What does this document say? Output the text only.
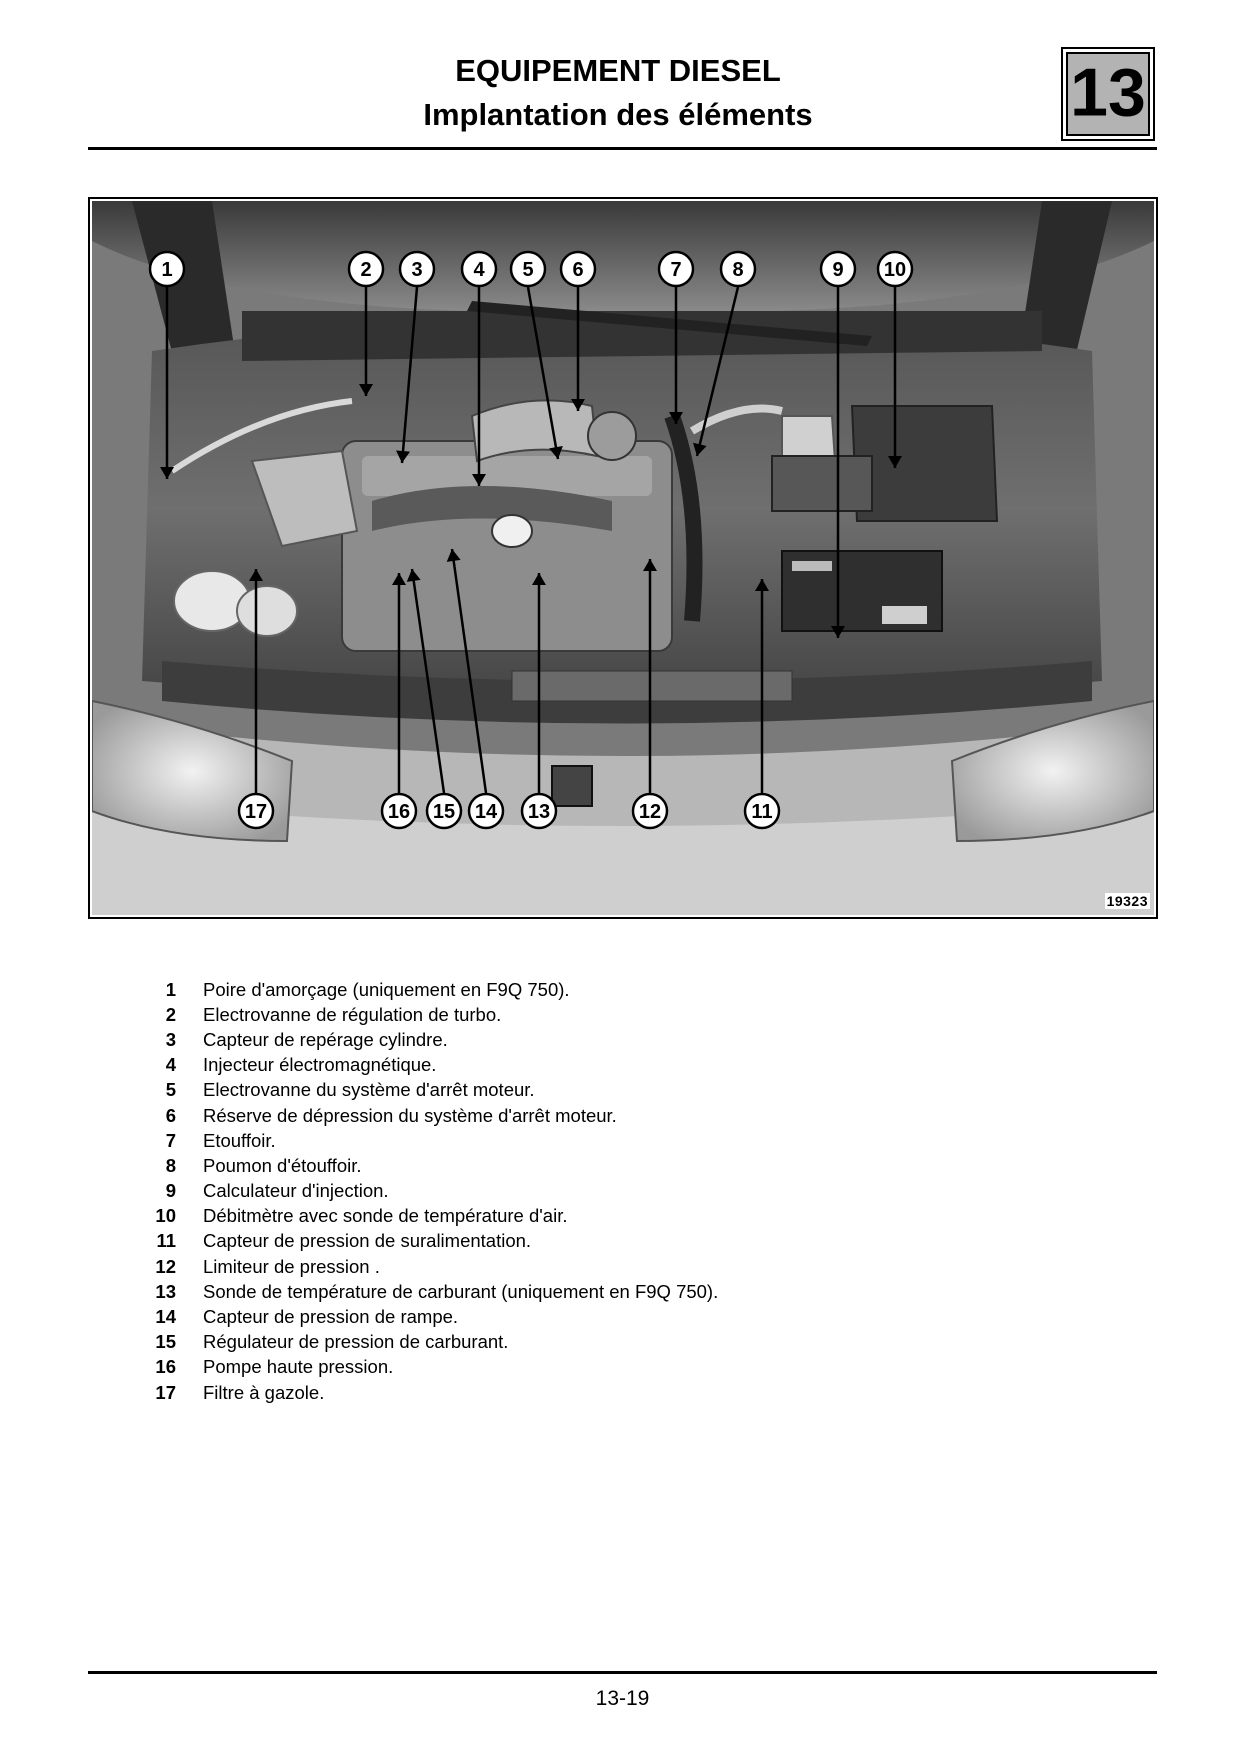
EQUIPEMENT DIESEL
Implantation des éléments	13
1	2 3	4 5 6	7	8	9 10
11
12
13
14
15
16
17
19323
1 Poire d'amorçage (uniquement en F9Q 750).
2 Electrovanne de régulation de turbo.
3 Capteur de repérage cylindre.
4 Injecteur électromagnétique.
5 Electrovanne du système d'arrêt moteur.
6 Réserve de dépression du système d'arrêt moteur.
7 Etouffoir.
8 Poumon d'étouffoir.
9 Calculateur d'injection.
10 Débitmètre avec sonde de température d'air.
11 Capteur de pression de suralimentation.
12 Limiteur de pression .
13 Sonde de température de carburant (uniquement en F9Q 750).
14 Capteur de pression de rampe.
15 Régulateur de pression de carburant.
16 Pompe haute pression.
17 Filtre à gazole.
13-19
